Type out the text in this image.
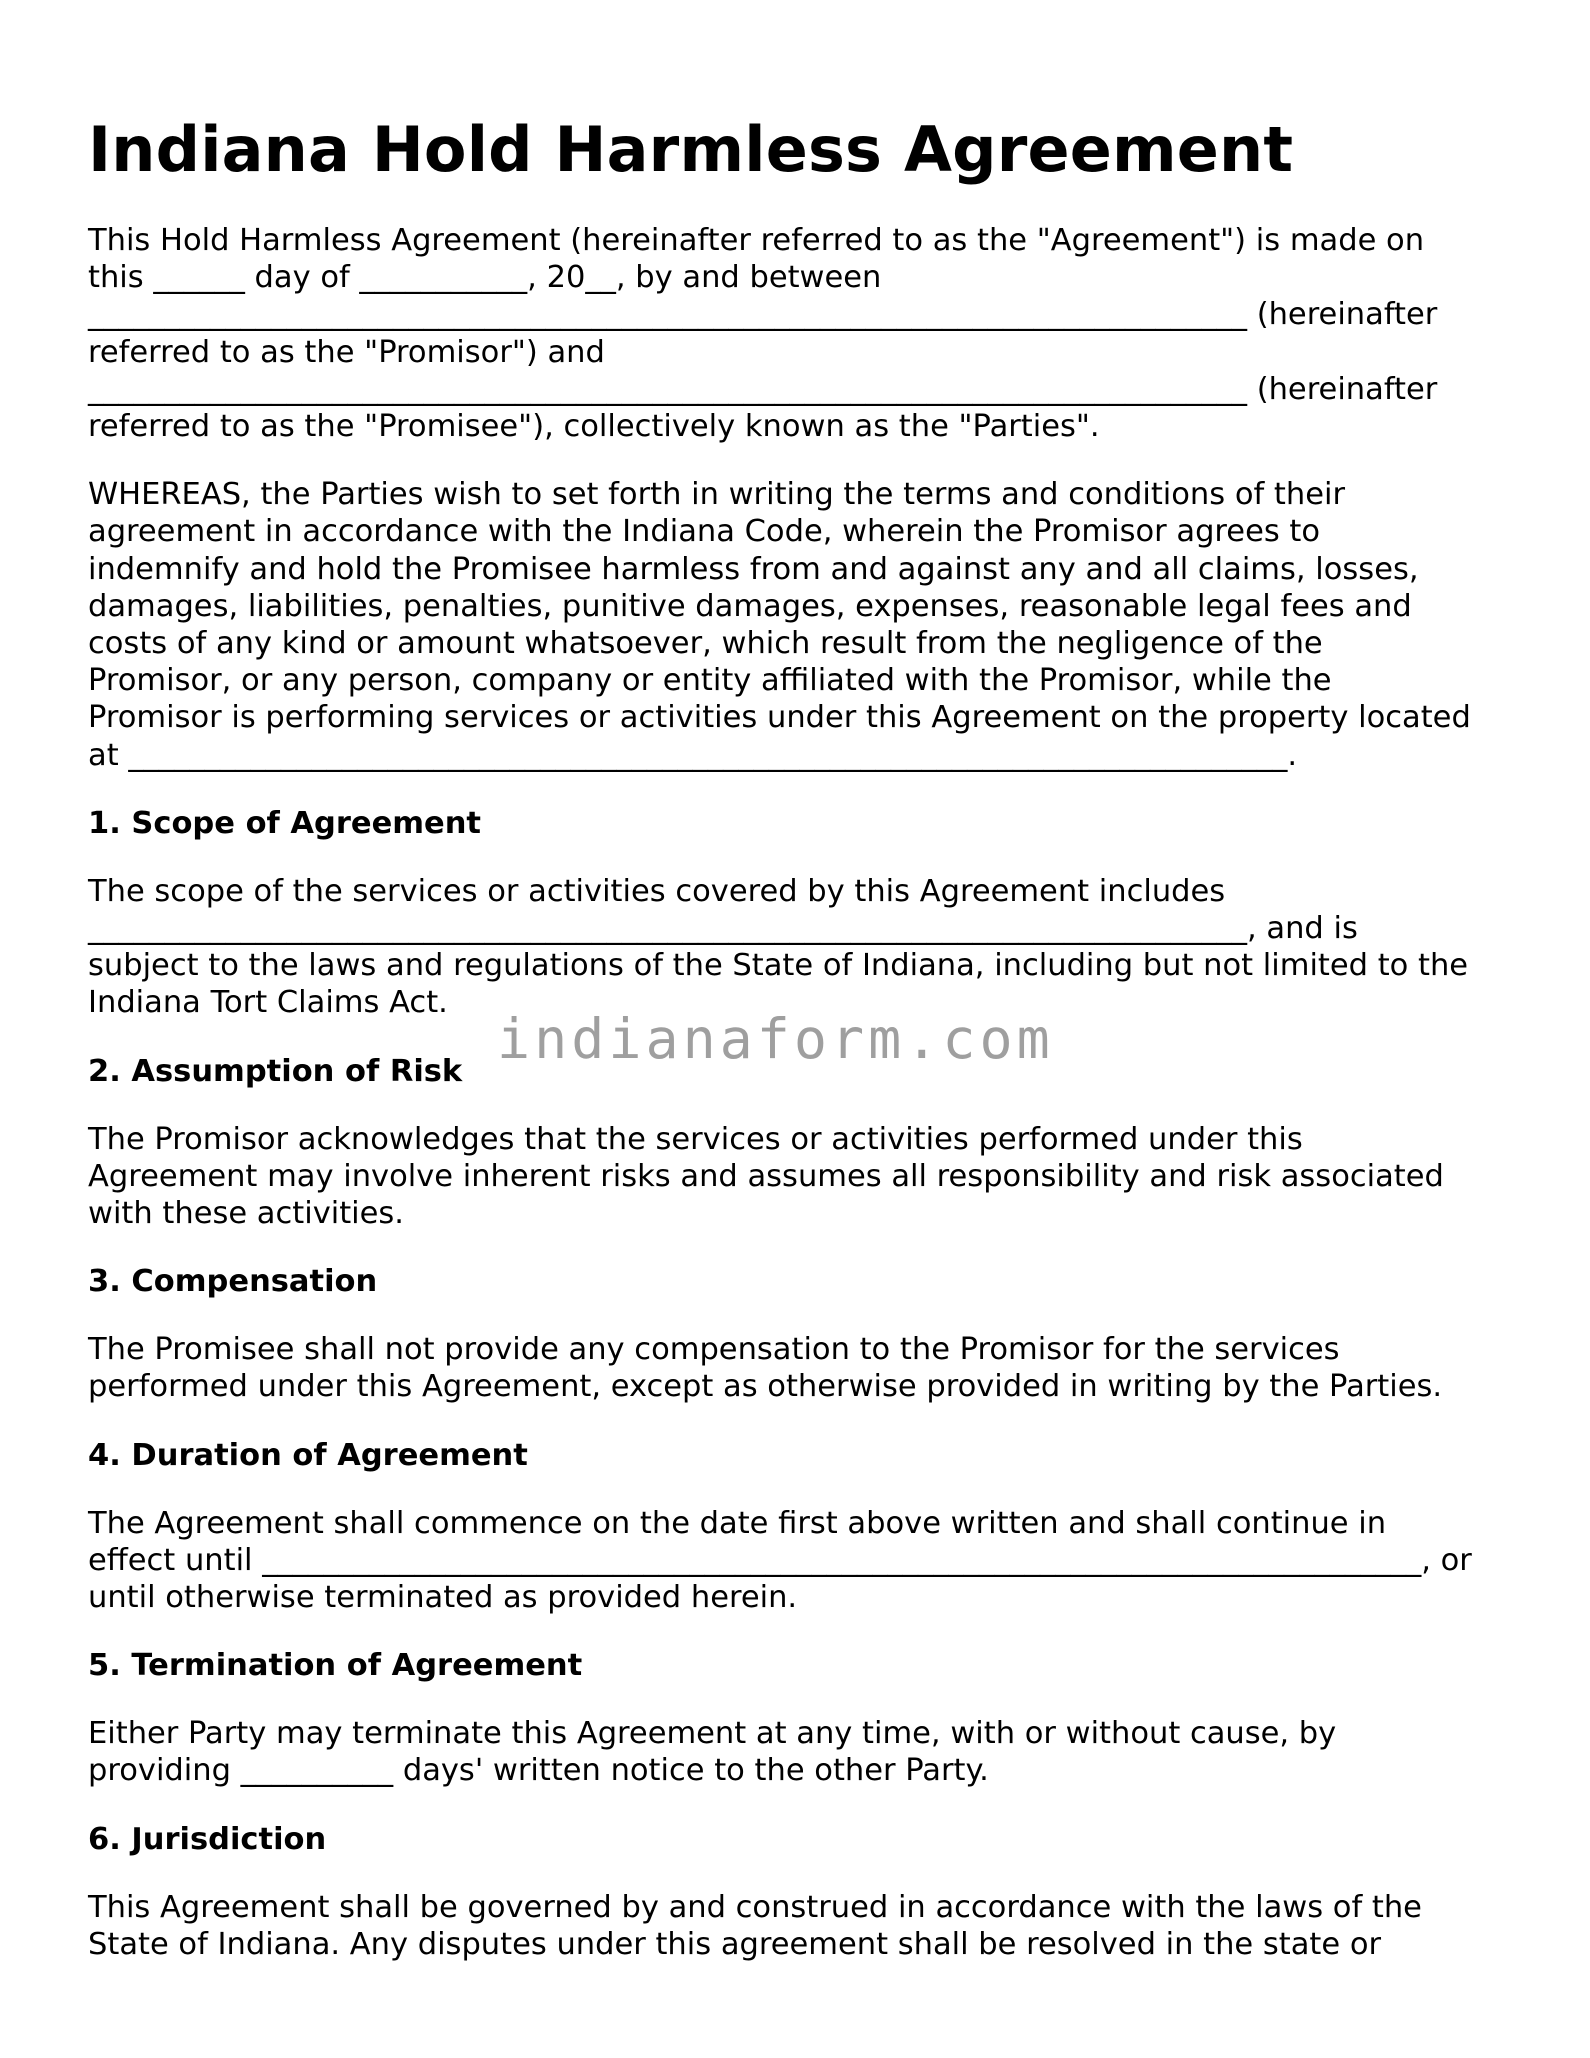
Indiana Hold Harmless Agreement

This Hold Harmless Agreement (hereinafter referred to as the "Agreement") is made on
this ______ day of ___________, 20__, by and between
____________________________________________________________________________ (hereinafter
referred to as the "Promisor") and
____________________________________________________________________________ (hereinafter
referred to as the "Promisee"), collectively known as the "Parties".

WHEREAS, the Parties wish to set forth in writing the terms and conditions of their
agreement in accordance with the Indiana Code, wherein the Promisor agrees to
indemnify and hold the Promisee harmless from and against any and all claims, losses,
damages, liabilities, penalties, punitive damages, expenses, reasonable legal fees and
costs of any kind or amount whatsoever, which result from the negligence of the
Promisor, or any person, company or entity affiliated with the Promisor, while the
Promisor is performing services or activities under this Agreement on the property located
at ____________________________________________________________________________.

1. Scope of Agreement

The scope of the services or activities covered by this Agreement includes
____________________________________________________________________________, and is
subject to the laws and regulations of the State of Indiana, including but not limited to the
Indiana Tort Claims Act.

2. Assumption of Risk

The Promisor acknowledges that the services or activities performed under this
Agreement may involve inherent risks and assumes all responsibility and risk associated
with these activities.

3. Compensation

The Promisee shall not provide any compensation to the Promisor for the services
performed under this Agreement, except as otherwise provided in writing by the Parties.

4. Duration of Agreement

The Agreement shall commence on the date first above written and shall continue in
effect until ____________________________________________________________________________, or
until otherwise terminated as provided herein.

5. Termination of Agreement

Either Party may terminate this Agreement at any time, with or without cause, by
providing __________ days' written notice to the other Party.

6. Jurisdiction

This Agreement shall be governed by and construed in accordance with the laws of the
State of Indiana. Any disputes under this agreement shall be resolved in the state or

indianaform.com
